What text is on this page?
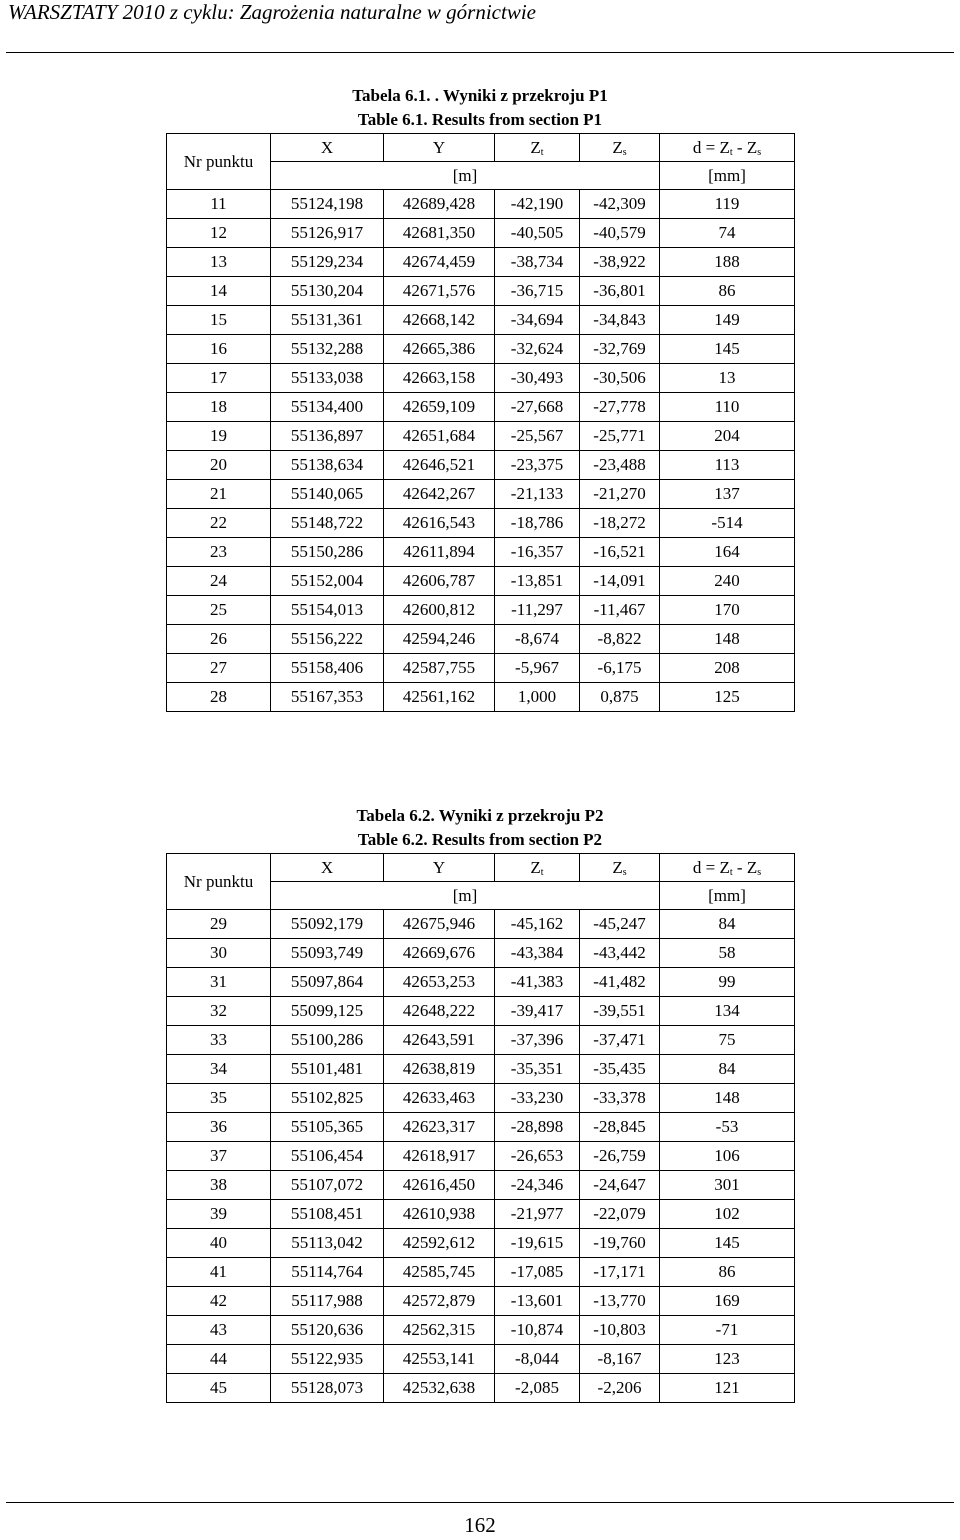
WARSZTATY 2010 z cyklu: Zagrożenia naturalne w górnictwie
Tabela 6.1. . Wyniki z przekroju P1
Table 6.1. Results from section P1
Nr punktu	X	Y	$Z_t$	$Z_s$	$d = Z_t - Z_s$
	[m]				[mm]
11	55124,198	42689,428	-42,190	-42,309	119
12	55126,917	42681,350	-40,505	-40,579	74
13	55129,234	42674,459	-38,734	-38,922	188
14	55130,204	42671,576	-36,715	-36,801	86
15	55131,361	42668,142	-34,694	-34,843	149
16	55132,288	42665,386	-32,624	-32,769	145
17	55133,038	42663,158	-30,493	-30,506	13
18	55134,400	42659,109	-27,668	-27,778	110
19	55136,897	42651,684	-25,567	-25,771	204
20	55138,634	42646,521	-23,375	-23,488	113
21	55140,065	42642,267	-21,133	-21,270	137
22	55148,722	42616,543	-18,786	-18,272	-514
23	55150,286	42611,894	-16,357	-16,521	164
24	55152,004	42606,787	-13,851	-14,091	240
25	55154,013	42600,812	-11,297	-11,467	170
26	55156,222	42594,246	-8,674	-8,822	148
27	55158,406	42587,755	-5,967	-6,175	208
28	55167,353	42561,162	1,000	0,875	125
Tabela 6.2. Wyniki z przekroju P2
Table 6.2. Results from section P2
Nr punktu	X	Y	$Z_t$	$Z_s$	$d = Z_t - Z_s$
	[m]				[mm]
29	55092,179	42675,946	-45,162	-45,247	84
30	55093,749	42669,676	-43,384	-43,442	58
31	55097,864	42653,253	-41,383	-41,482	99
32	55099,125	42648,222	-39,417	-39,551	134
33	55100,286	42643,591	-37,396	-37,471	75
34	55101,481	42638,819	-35,351	-35,435	84
35	55102,825	42633,463	-33,230	-33,378	148
36	55105,365	42623,317	-28,898	-28,845	-53
37	55106,454	42618,917	-26,653	-26,759	106
38	55107,072	42616,450	-24,346	-24,647	301
39	55108,451	42610,938	-21,977	-22,079	102
40	55113,042	42592,612	-19,615	-19,760	145
41	55114,764	42585,745	-17,085	-17,171	86
42	55117,988	42572,879	-13,601	-13,770	169
43	55120,636	42562,315	-10,874	-10,803	-71
44	55122,935	42553,141	-8,044	-8,167	123
45	55128,073	42532,638	-2,085	-2,206	121
162
